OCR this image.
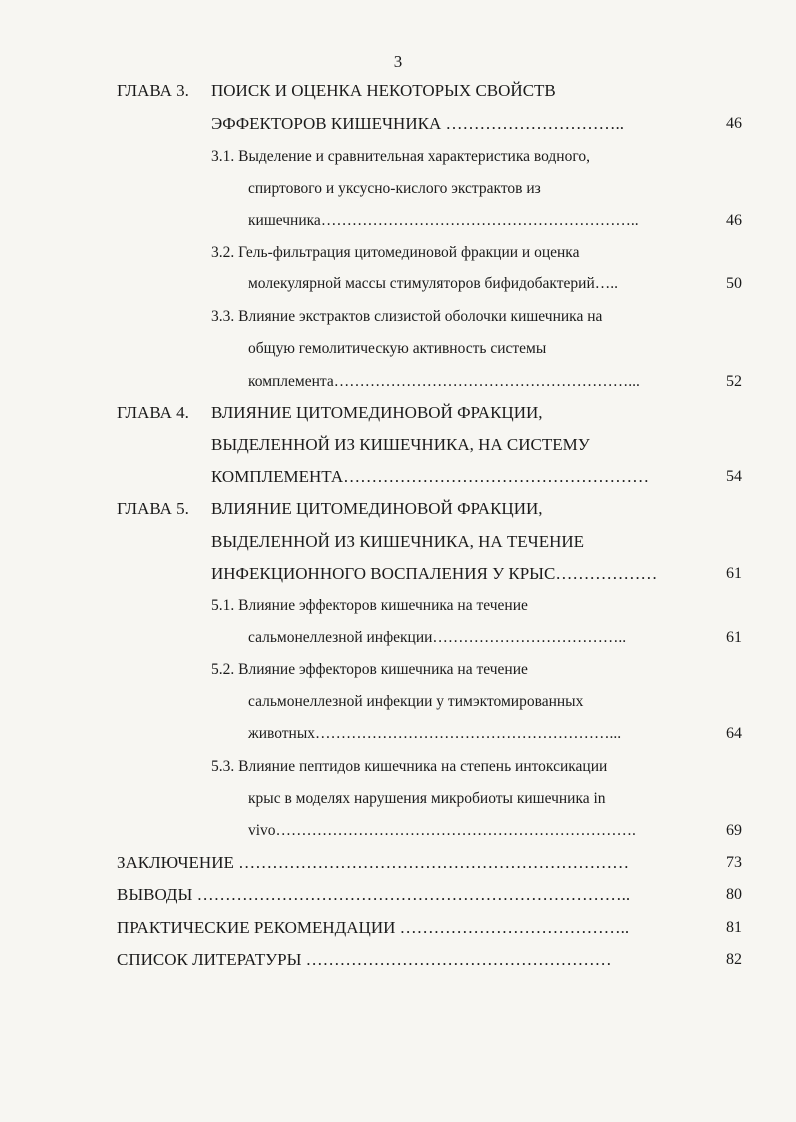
3
ГЛАВА 3. ПОИСК И ОЦЕНКА НЕКОТОРЫХ СВОЙСТВ
ЭФФЕКТОРОВ КИШЕЧНИКА …………………………..	46
3.1. Выделение и сравнительная характеристика водного,
спиртового и уксусно-кислого экстрактов из
кишечника……………………………………………………..	46
3.2. Гель-фильтрация цитомединовой фракции и оценка
молекулярной массы стимуляторов бифидобактерий…..	50
3.3. Влияние экстрактов слизистой оболочки кишечника на
общую гемолитическую активность системы
комплемента…………………………………………………...	52
ГЛАВА 4. ВЛИЯНИЕ ЦИТОМЕДИНОВОЙ ФРАКЦИИ,
ВЫДЕЛЕННОЙ ИЗ КИШЕЧНИКА, НА СИСТЕМУ
КОМПЛЕМЕНТА………………………………………………	54
ГЛАВА 5. ВЛИЯНИЕ ЦИТОМЕДИНОВОЙ ФРАКЦИИ,
ВЫДЕЛЕННОЙ ИЗ КИШЕЧНИКА, НА ТЕЧЕНИЕ
ИНФЕКЦИОННОГО ВОСПАЛЕНИЯ У КРЫС………………	61
5.1. Влияние эффекторов кишечника на течение
сальмонеллезной инфекции………………………………..	61
5.2. Влияние эффекторов кишечника на течение
сальмонеллезной инфекции у тимэктомированных
животных…………………………………………………...	64
5.3. Влияние пептидов кишечника на степень интоксикации
крыс в моделях нарушения микробиоты кишечника in
vivo…………………………………………………………….	69
ЗАКЛЮЧЕНИЕ ……………………………………………………………	73
ВЫВОДЫ …………………………………………………………………..	80
ПРАКТИЧЕСКИЕ РЕКОМЕНДАЦИИ …………………………………..	81
СПИСОК ЛИТЕРАТУРЫ ………………………………………………	82
